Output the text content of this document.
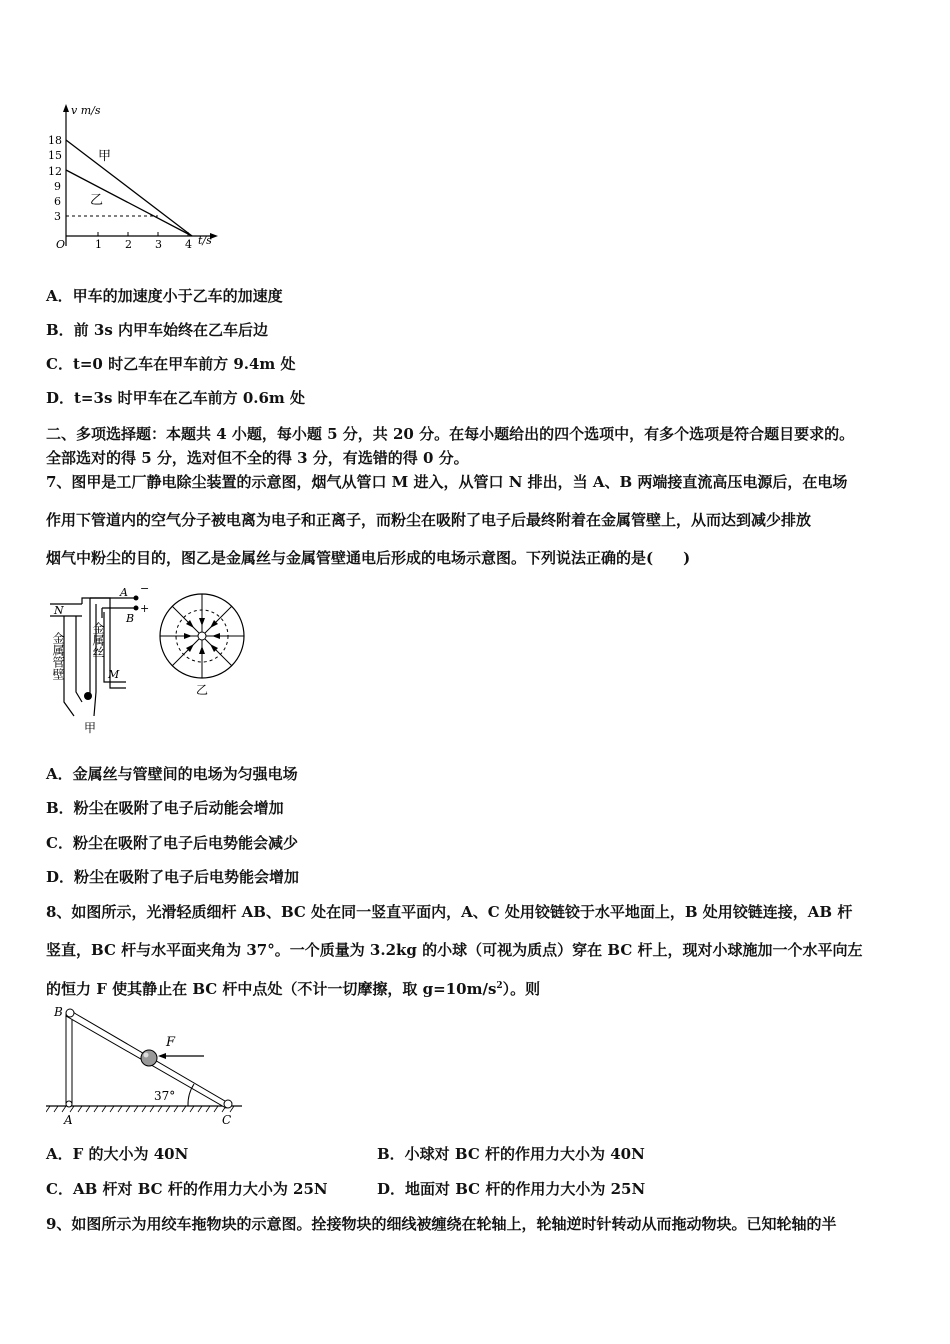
v m/s
t/s
O
18
15
12
9
6
3
1 2 3 4
甲
乙
A．甲车的加速度小于乙车的加速度
B．前 3s 内甲车始终在乙车后边
C．t=0 时乙车在甲车前方 9.4m 处
D．t=3s 时甲车在乙车前方 0.6m 处
二、多项选择题：本题共 4 小题，每小题 5 分，共 20 分。在每小题给出的四个选项中，有多个选项是符合题目要求的。
全部选对的得 5 分，选对但不全的得 3 分，有选错的得 0 分。
7、图甲是工厂静电除尘装置的示意图，烟气从管口 M 进入，从管口 N 排出，当 A、B 两端接直流高压电源后，在电场
作用下管道内的空气分子被电离为电子和正离子，而粉尘在吸附了电子后最终附着在金属管壁上，从而达到减少排放
烟气中粉尘的目的，图乙是金属丝与金属管壁通电后形成的电场示意图。下列说法正确的是(　　)
N
A −
B
+
M
金属管壁 金属丝
甲
乙
A．金属丝与管壁间的电场为匀强电场
B．粉尘在吸附了电子后动能会增加
C．粉尘在吸附了电子后电势能会减少
D．粉尘在吸附了电子后电势能会增加
8、如图所示，光滑轻质细杆 AB、BC 处在同一竖直平面内，A、C 处用铰链铰于水平地面上，B 处用铰链连接，AB 杆
竖直，BC 杆与水平面夹角为 37°。一个质量为 3.2kg 的小球（可视为质点）穿在 BC 杆上，现对小球施加一个水平向左
的恒力 F 使其静止在 BC 杆中点处（不计一切摩擦，取 $g=10m/s^2$）。则
B
A	C
F
37°
A．F 的大小为 40N	B．小球对 BC 杆的作用力大小为 40N
C．AB 杆对 BC 杆的作用力大小为 25N	D．地面对 BC 杆的作用力大小为 25N
9、如图所示为用绞车拖物块的示意图。拴接物块的细线被缠绕在轮轴上，轮轴逆时针转动从而拖动物块。已知轮轴的半
